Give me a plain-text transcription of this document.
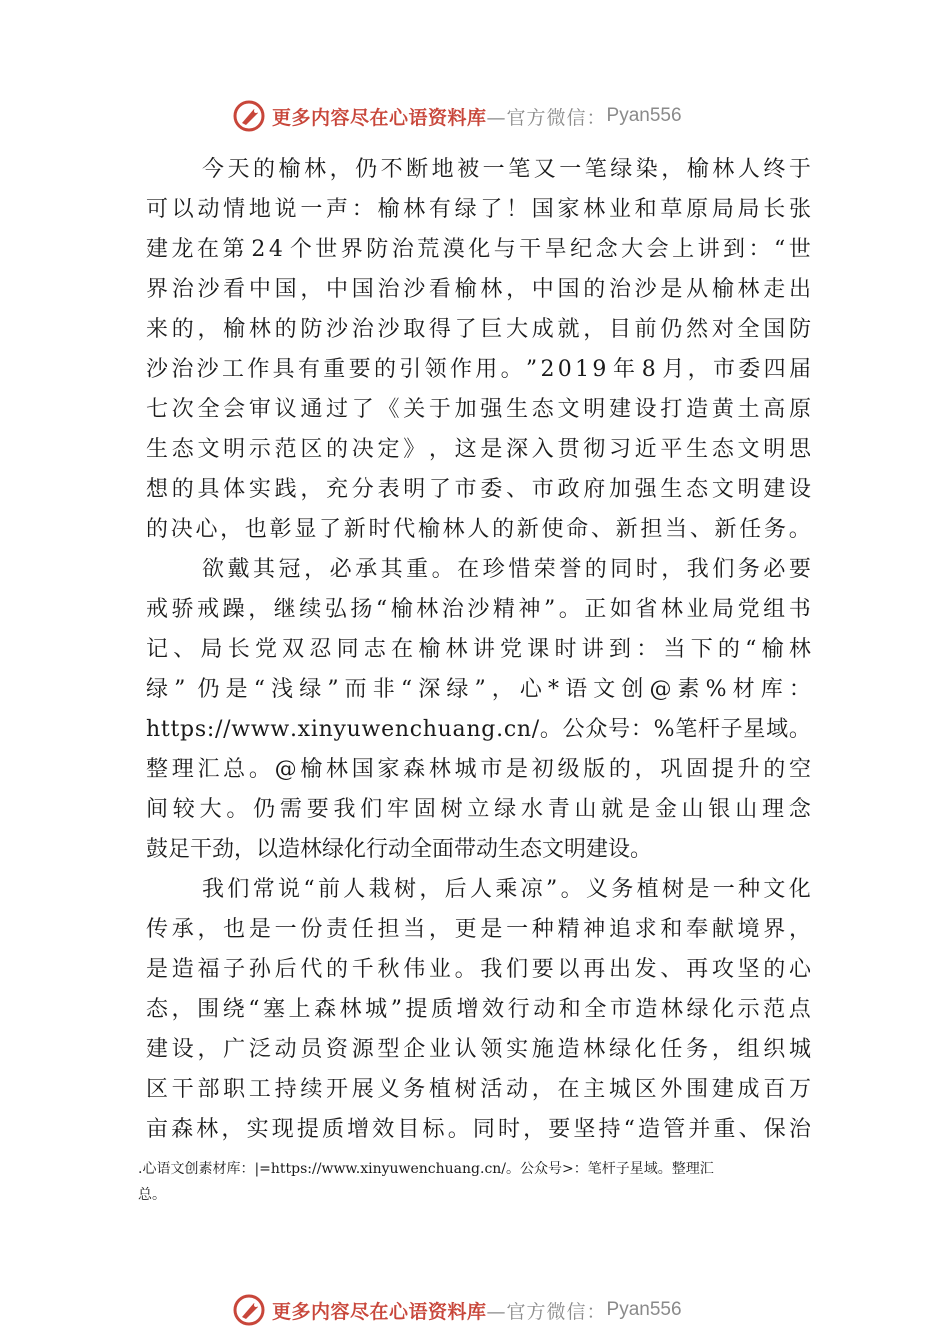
更多内容尽在心语资料库 —官方微信： Pyan556
今 天 的 榆 林 ， 仍 不 断 地 被 一 笔 又 一 笔 绿 染 ， 榆 林 人 终 于
可 以 动 情 地 说 一 声 ： 榆 林 有 绿 了 ！ 国 家 林 业 和 草 原 局 局 长 张
建 龙 在 第 2 4 个 世 界 防 治 荒 漠 化 与 干 旱 纪 念 大 会 上 讲 到 ： “ 世
界 治 沙 看 中 国 ， 中 国 治 沙 看 榆 林 ， 中 国 的 治 沙 是 从 榆 林 走 出
来 的 ， 榆 林 的 防 沙 治 沙 取 得 了 巨 大 成 就 ， 目 前 仍 然 对 全 国 防
沙 治 沙 工 作 具 有 重 要 的 引 领 作 用 。 ” 2 0 1 9 年 8 月 ， 市 委 四 届
七 次 全 会 审 议 通 过 了 《 关 于 加 强 生 态 文 明 建 设 打 造 黄 土 高 原
生 态 文 明 示 范 区 的 决 定 》 ， 这 是 深 入 贯 彻 习 近 平 生 态 文 明 思
想 的 具 体 实 践 ， 充 分 表 明 了 市 委 、 市 政 府 加 强 生 态 文 明 建 设
的 决 心 ， 也 彰 显 了 新 时 代 榆 林 人 的 新 使 命 、 新 担 当 、 新 任 务 。
欲 戴 其 冠 ， 必 承 其 重 。 在 珍 惜 荣 誉 的 同 时 ， 我 们 务 必 要
戒 骄 戒 躁 ， 继 续 弘 扬 “ 榆 林 治 沙 精 神 ” 。 正 如 省 林 业 局 党 组 书
记 、 局 长 党 双 忍 同 志 在 榆 林 讲 党 课 时 讲 到 ： 当 下 的 “ 榆 林
绿 ” 仍 是 “ 浅 绿 ” 而 非 “ 深 绿 ” ， 心 * 语 文 创 @ 素 % 材 库 ：
h t t p s : / / w w w . x i n y u w e n c h u a n g . c n / 。 公 众 号 ： % 笔 杆 子 星 域 。
整 理 汇 总 。 @ 榆 林 国 家 森 林 城 市 是 初 级 版 的 ， 巩 固 提 升 的 空
间 较 大 。 仍 需 要 我 们 牢 固 树 立 绿 水 青 山 就 是 金 山 银 山 理 念
鼓足干劲，以造林绿化行动全面带动生态文明建设。
我 们 常 说 “ 前 人 栽 树 ， 后 人 乘 凉 ” 。 义 务 植 树 是 一 种 文 化
传 承 ， 也 是 一 份 责 任 担 当 ， 更 是 一 种 精 神 追 求 和 奉 献 境 界 ，
是 造 福 子 孙 后 代 的 千 秋 伟 业 。 我 们 要 以 再 出 发 、 再 攻 坚 的 心
态 ， 围 绕 “ 塞 上 森 林 城 ” 提 质 增 效 行 动 和 全 市 造 林 绿 化 示 范 点
建 设 ， 广 泛 动 员 资 源 型 企 业 认 领 实 施 造 林 绿 化 任 务 ， 组 织 城
区 干 部 职 工 持 续 开 展 义 务 植 树 活 动 ， 在 主 城 区 外 围 建 成 百 万
亩 森 林 ， 实 现 提 质 增 效 目 标 。 同 时 ， 要 坚 持 “ 造 管 并 重 、 保 治
.心语文创素材库：|=https://www.xinyuwenchuang.cn/。公众号>：笔杆子星域。整理汇
总。
更多内容尽在心语资料库 —官方微信： Pyan556
